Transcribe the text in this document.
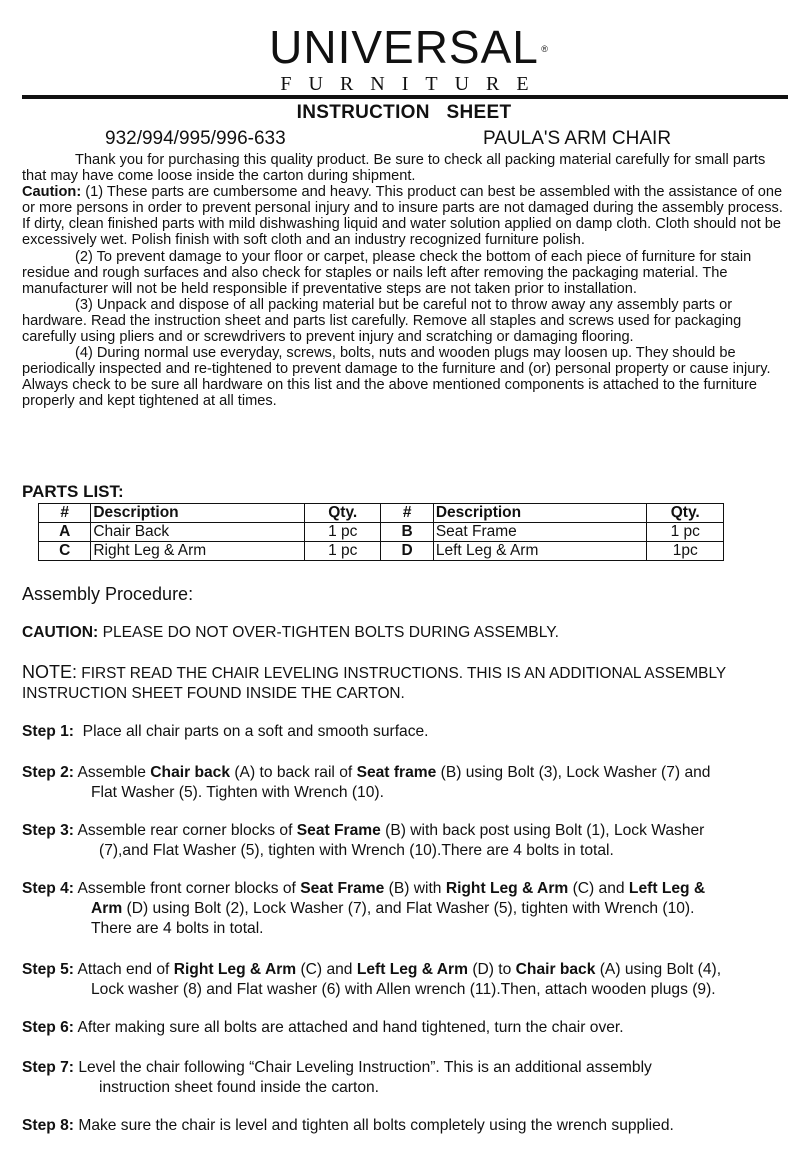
UNIVERSAL ®
FURNITURE
INSTRUCTION   SHEET
932/994/995/996-633	PAULA'S ARM CHAIR

Thank you for purchasing this quality product. Be sure to check all packing material carefully for small parts that may have come loose inside the carton during shipment.

Caution: (1) These parts are cumbersome and heavy. This product can best be assembled with the assistance of one or more persons in order to prevent personal injury and to insure parts are not damaged during the assembly process. If dirty, clean finished parts with mild dishwashing liquid and water solution applied on damp cloth. Cloth should not be excessively wet. Polish finish with soft cloth and an industry recognized furniture polish.

(2) To prevent damage to your floor or carpet, please check the bottom of each piece of furniture for stain residue and rough surfaces and also check for staples or nails left after removing the packaging material. The manufacturer will not be held responsible if preventative steps are not taken prior to installation.

(3) Unpack and dispose of all packing material but be careful not to throw away any assembly parts or hardware. Read the instruction sheet and parts list carefully. Remove all staples and screws used for packaging carefully using pliers and or screwdrivers to prevent injury and scratching or damaging flooring.

(4) During normal use everyday, screws, bolts, nuts and wooden plugs may loosen up. They should be periodically inspected and re-tightened to prevent damage to the furniture and (or) personal property or cause injury. Always check to be sure all hardware on this list and the above mentioned components is attached to the furniture properly and kept tightened at all times.

PARTS LIST:
#	Description	Qty.	#	Description	Qty.
A	Chair Back	1 pc	B	Seat Frame	1 pc
C	Right Leg & Arm	1 pc	D	Left Leg & Arm	1pc
Assembly Procedure:
CAUTION: PLEASE DO NOT OVER-TIGHTEN BOLTS DURING ASSEMBLY.
NOTE: FIRST READ THE CHAIR LEVELING INSTRUCTIONS. THIS IS AN ADDITIONAL ASSEMBLY INSTRUCTION SHEET FOUND INSIDE THE CARTON.
Step 1:  Place all chair parts on a soft and smooth surface.
Step 2: Assemble Chair back (A) to back rail of Seat frame (B) using Bolt (3), Lock Washer (7) and
Flat Washer (5). Tighten with Wrench (10).
Step 3: Assemble rear corner blocks of Seat Frame (B) with back post using Bolt (1), Lock Washer
(7),and Flat Washer (5), tighten with Wrench (10).There are 4 bolts in total.
Step 4: Assemble front corner blocks of Seat Frame (B) with Right Leg & Arm (C) and Left Leg &
Arm (D) using Bolt (2), Lock Washer (7), and Flat Washer (5), tighten with Wrench (10).
There are 4 bolts in total.
Step 5: Attach end of Right Leg & Arm (C) and Left Leg & Arm (D) to Chair back (A) using Bolt (4),
Lock washer (8) and Flat washer (6) with Allen wrench (11).Then, attach wooden plugs (9).
Step 6: After making sure all bolts are attached and hand tightened, turn the chair over.
Step 7: Level the chair following “Chair Leveling Instruction”. This is an additional assembly
instruction sheet found inside the carton.
Step 8: Make sure the chair is level and tighten all bolts completely using the wrench supplied.
